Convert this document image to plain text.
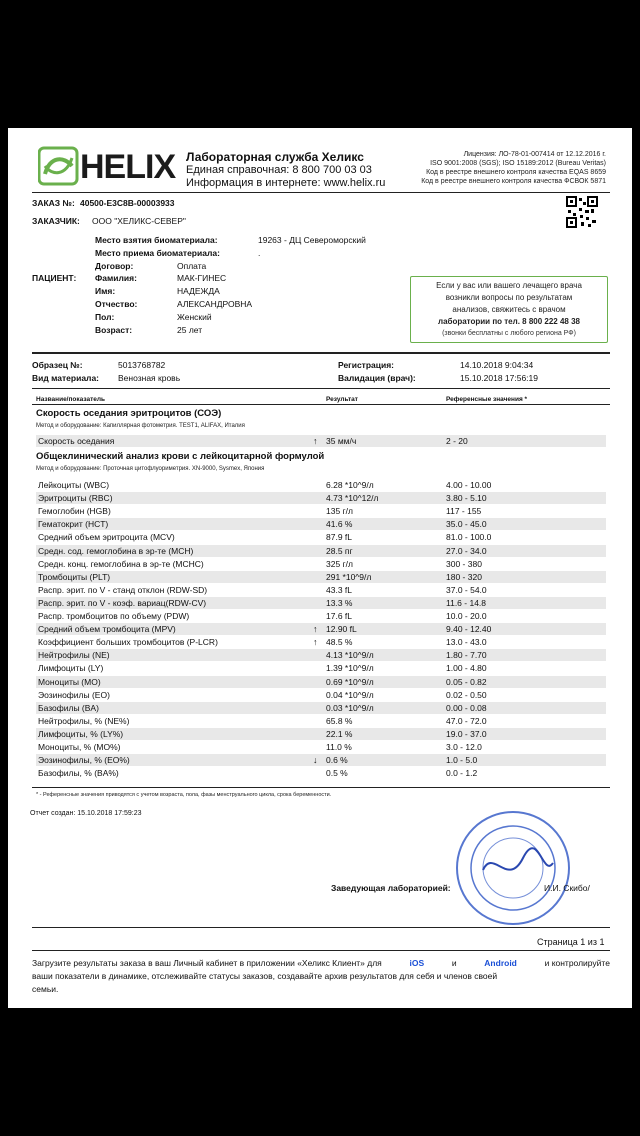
HELIX Лабораторная служба Хеликс
Единая справочная: 8 800 700 03 03
Информация в интернете: www.helix.ru
Лицензия: ЛО-78-01-007414 от 12.12.2016 г.
ISO 9001:2008 (SGS); ISO 15189:2012 (Bureau Veritas)
Код в реестре внешнего контроля качества EQAS 8659
Код в реестре внешнего контроля качества ФСВОК 5871
ЗАКАЗ №: 40500-E3C8B-00003933
ЗАКАЗЧИК: ООО "ХЕЛИКС-СЕВЕР"
ПАЦИЕНТ:
Место взятия биоматериала:	19263 - ДЦ Североморский
Место приема биоматериала:	.
Договор:	Оплата
Фамилия:	МАК-ГИНЕС
Имя:	НАДЕЖДА
Отчество:	АЛЕКСАНДРОВНА
Пол:	Женский
Возраст:	25 лет
Если у вас или вашего лечащего врача
возникли вопросы по результатам
анализов, свяжитесь с врачом
лаборатории по тел. 8 800 222 48 38
(звонки бесплатны с любого региона РФ)
Образец №:	5013768782
Вид материала: Венозная кровь
Регистрация:	14.10.2018 9:04:34
Валидация (врач):	15.10.2018 17:56:19
Название/показатель	Результат	Референсные значения *
Скорость оседания эритроцитов (СОЭ)
Метод и оборудование: Капиллярная фотометрия. TEST1, ALIFAX, Италия
Скорость оседания	↑ 35 мм/ч	2 - 20
Общеклинический анализ крови с лейкоцитарной формулой
Метод и оборудование: Проточная цитофлуориметрия. XN-9000, Sysmex, Япония
Лейкоциты (WBC)	6.28 *10^9/л	4.00 - 10.00
Эритроциты (RBC)	4.73 *10^12/л	3.80 - 5.10
Гемоглобин (HGB)	135 г/л	117 - 155
Гематокрит (HCT)	41.6 %	35.0 - 45.0
Средний объем эритроцита (MCV)	87.9 fL	81.0 - 100.0
Средн. сод. гемоглобина в эр-те (MCH)	28.5 пг	27.0 - 34.0
Средн. конц. гемоглобина в эр-те (MCHC)	325 г/л	300 - 380
Тромбоциты (PLT)	291 *10^9/л	180 - 320
Распр. эрит. по V - станд отклон (RDW-SD)	43.3 fL	37.0 - 54.0
Распр. эрит. по V - коэф. вариац(RDW-CV)	13.3 %	11.6 - 14.8
Распр. тромбоцитов по объему (PDW)	17.6 fL	10.0 - 20.0
Средний объем тромбоцита (MPV)	↑ 12.90 fL	9.40 - 12.40
Коэффициент больших тромбоцитов (P-LCR)	↑ 48.5 %	13.0 - 43.0
Нейтрофилы (NE)	4.13 *10^9/л	1.80 - 7.70
Лимфоциты (LY)	1.39 *10^9/л	1.00 - 4.80
Моноциты (MO)	0.69 *10^9/л	0.05 - 0.82
Эозинофилы (EO)	0.04 *10^9/л	0.02 - 0.50
Базофилы (BA)	0.03 *10^9/л	0.00 - 0.08
Нейтрофилы, % (NE%)	65.8 %	47.0 - 72.0
Лимфоциты, % (LY%)	22.1 %	19.0 - 37.0
Моноциты, % (MO%)	11.0 %	3.0 - 12.0
Эозинофилы, % (EO%)	↓ 0.6 %	1.0 - 5.0
Базофилы, % (BA%)	0.5 %	0.0 - 1.2
* - Референсные значения приводятся с учетом возраста, пола, фазы менструального цикла, срока беременности.
Отчет создан: 15.10.2018 17:59:23
Заведующая лабораторией:	И.И. Скибо/
Страница 1 из 1
Загрузите результаты заказа в ваш Личный кабинет в приложении «Хеликс Клиент» для	iOS	и	Android	и контролируйте
ваши показатели в динамике, отслеживайте статусы заказов, создавайте архив результатов для себя и членов своей
семьи.
